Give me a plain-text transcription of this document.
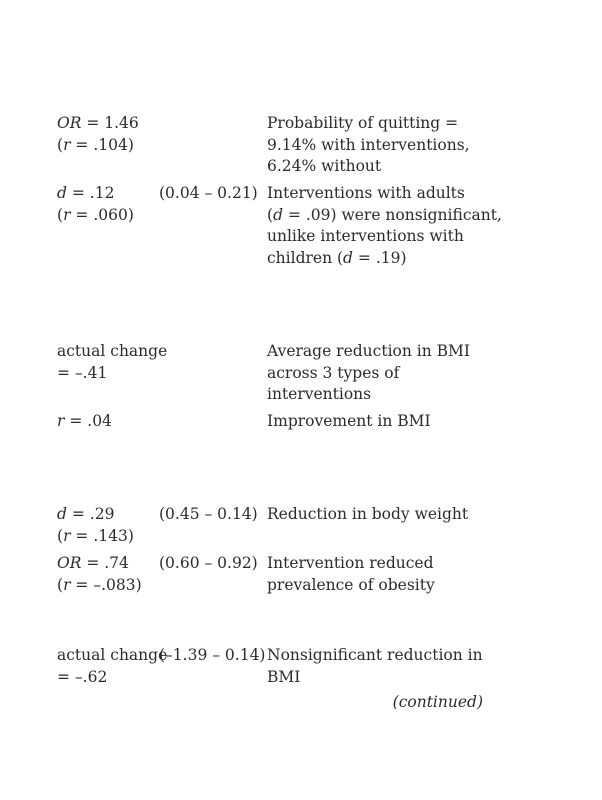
OR = 1.46
(r = .104)
Probability of quitting =
9.14% with interventions,
6.24% without
d = .12
(r = .060)
(0.04 – 0.21) Interventions with adults
(d = .09) were nonsignificant,
unlike interventions with
children (d = .19)
actual change
= –.41
Average reduction in BMI
across 3 types of
interventions
r = .04	Improvement in BMI
d = .29
(r = .143)
(0.45 – 0.14) Reduction in body weight
OR = .74
(r = –.083)
(0.60 – 0.92) Intervention reduced
prevalence of obesity
actual change
= –.62
(–1.39 – 0.14) Nonsignificant reduction in
BMI
(continued)
